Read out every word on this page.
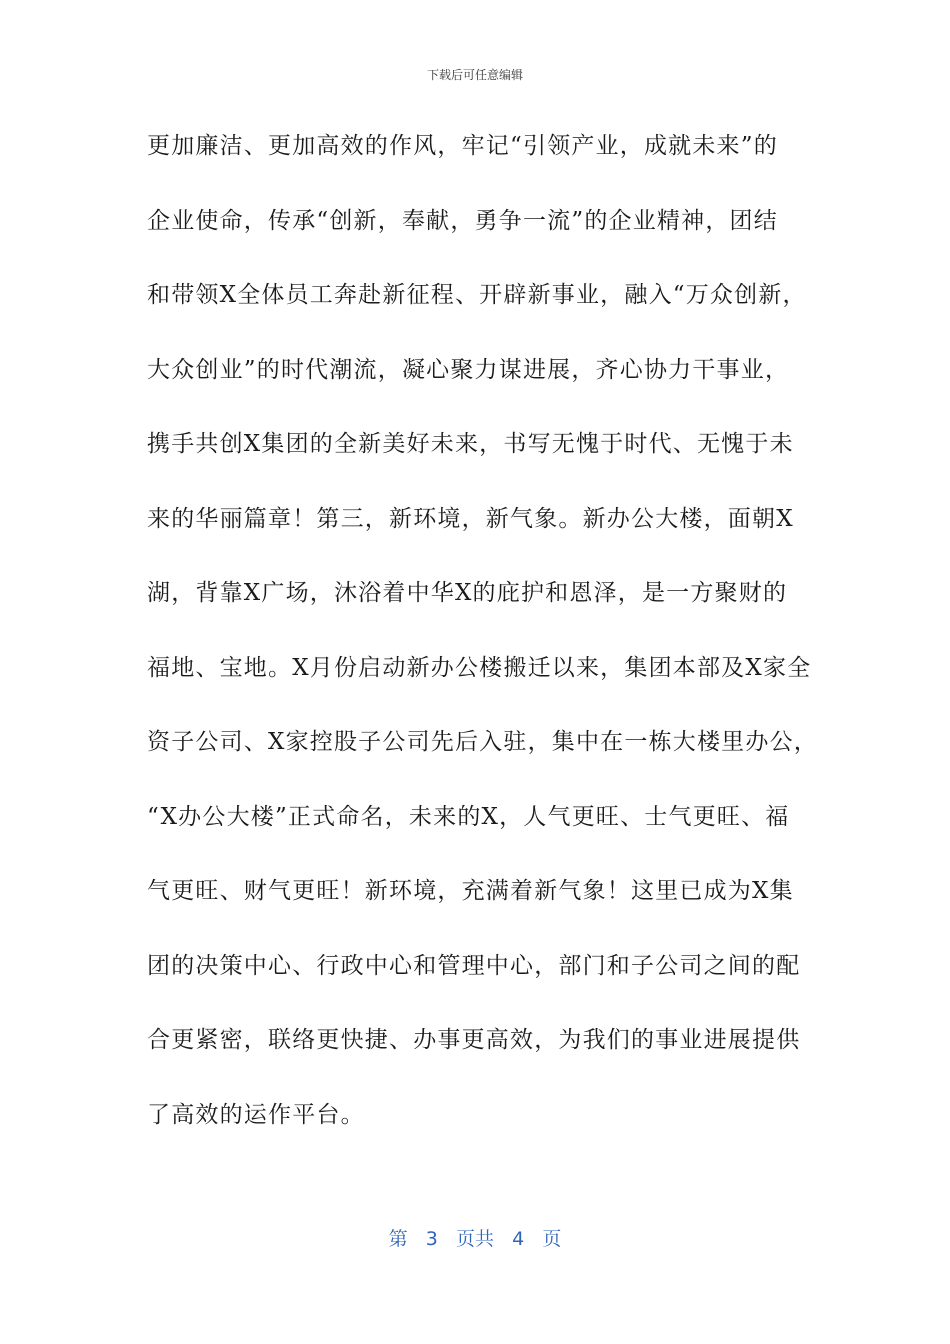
下载后可任意编辑
更加廉洁、更加高效的作风，牢记“引领产业，成就未来”的
企业使命，传承“创新，奉献，勇争一流”的企业精神，团结
和带领X全体员工奔赴新征程、开辟新事业，融入“万众创新，
大众创业”的时代潮流，凝心聚力谋进展，齐心协力干事业，
携手共创X集团的全新美好未来，书写无愧于时代、无愧于未
来的华丽篇章！第三，新环境，新气象。新办公大楼，面朝X
湖，背靠X广场，沐浴着中华X的庇护和恩泽，是一方聚财的
福地、宝地。X月份启动新办公楼搬迁以来，集团本部及X家全
资子公司、X家控股子公司先后入驻，集中在一栋大楼里办公，
“X办公大楼”正式命名，未来的X，人气更旺、士气更旺、福
气更旺、财气更旺！新环境，充满着新气象！这里已成为X集
团的决策中心、行政中心和管理中心，部门和子公司之间的配
合更紧密，联络更快捷、办事更高效，为我们的事业进展提供
了高效的运作平台。
第 3 页共 4 页
